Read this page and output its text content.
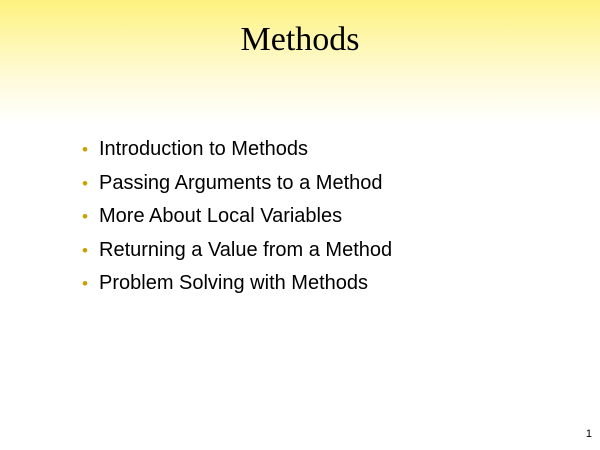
Methods
• Introduction to Methods
• Passing Arguments to a Method
• More About Local Variables
• Returning a Value from a Method
• Problem Solving with Methods
1
